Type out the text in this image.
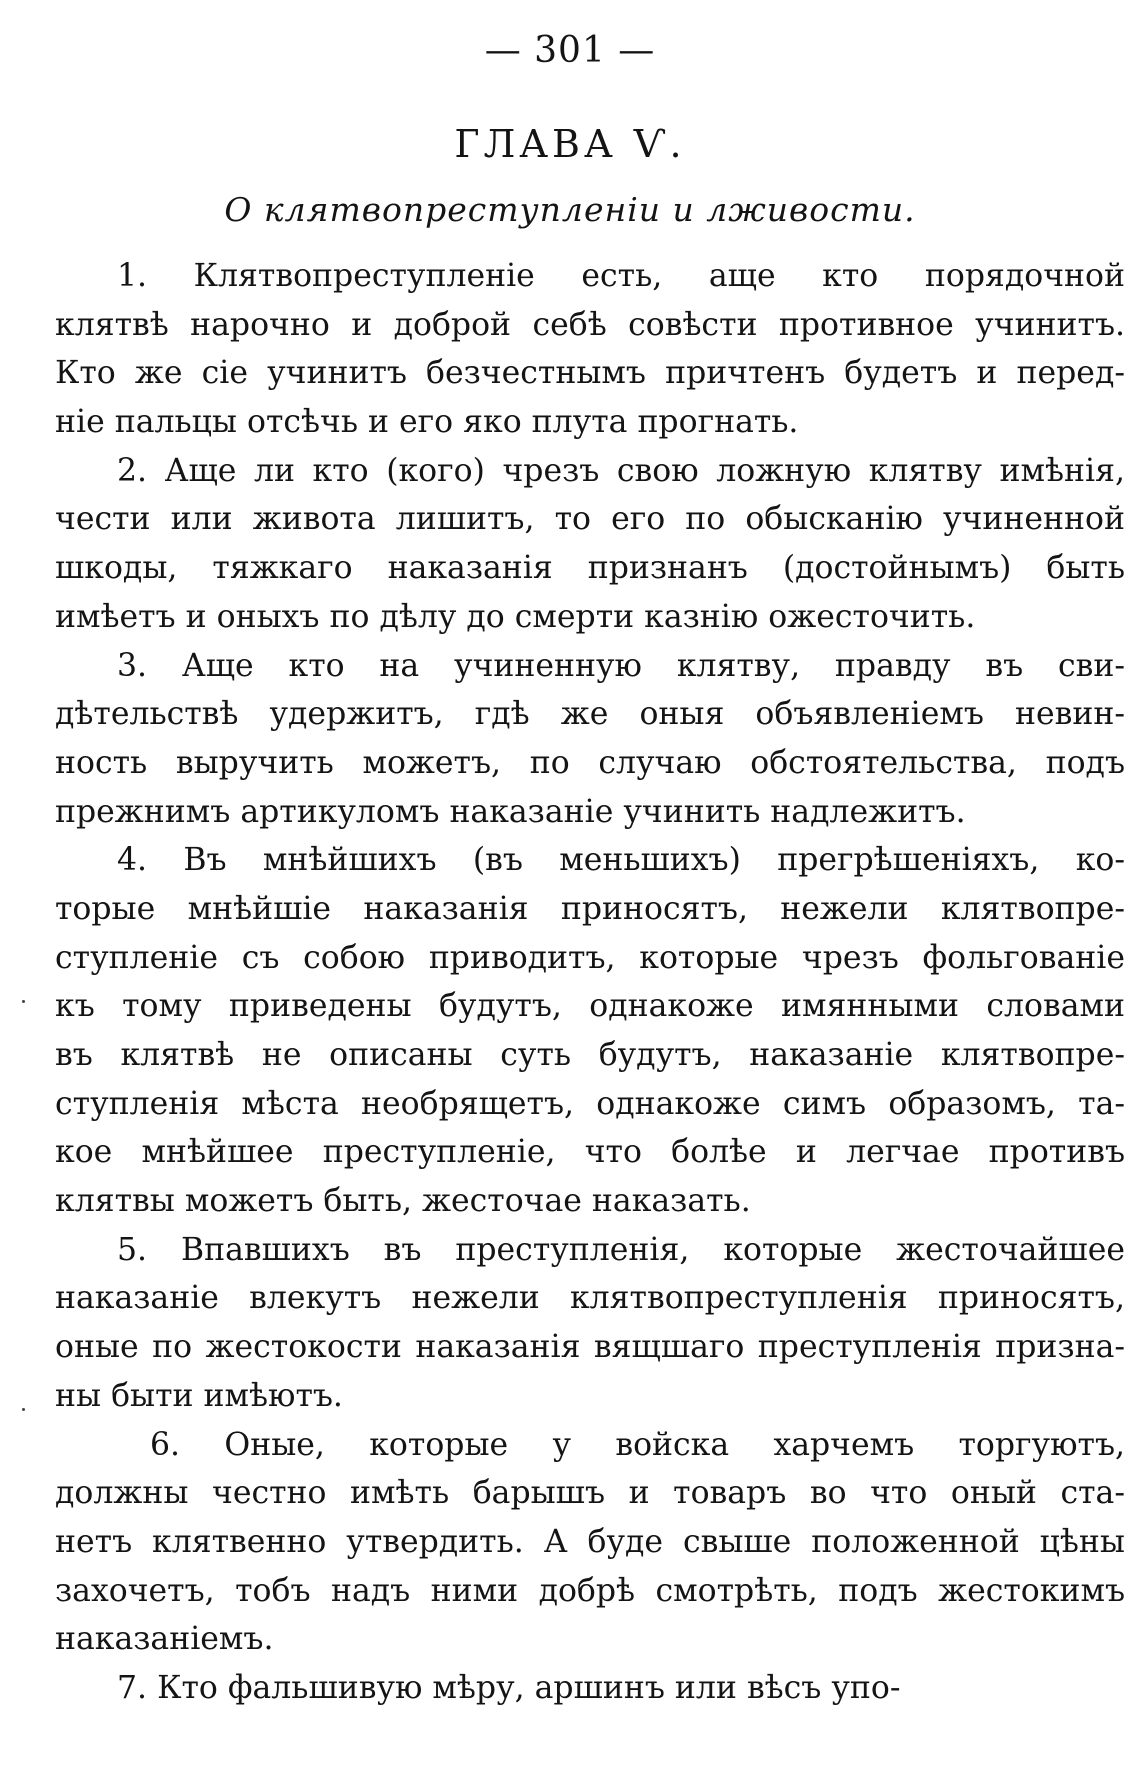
— 301 —
ГЛАВА Ѵ.
О клятвопреступленіи и лживости.
1. Клятвопреступленіе есть, аще кто порядочной
клятвѣ нарочно и доброй себѣ совѣсти противное учинитъ.
Кто же сіе учинитъ безчестнымъ причтенъ будетъ и перед-
ніе пальцы отсѣчь и его яко плута прогнать.
2. Аще ли кто (кого) чрезъ свою ложную клятву имѣнія,
чести или живота лишитъ, то его по обысканію учиненной
шкоды, тяжкаго наказанія признанъ (достойнымъ) быть
имѣетъ и оныхъ по дѣлу до смерти казнію ожесточить.
3. Аще кто на учиненную клятву, правду въ сви-
дѣтельствѣ удержитъ, гдѣ же оныя объявленіемъ невин-
ность выручить можетъ, по случаю обстоятельства, подъ
прежнимъ артикуломъ наказаніе учинить надлежитъ.
4. Въ мнѣйшихъ (въ меньшихъ) прегрѣшеніяхъ, ко-
торые мнѣйшіе наказанія приносятъ, нежели клятвопре-
ступленіе съ собою приводитъ, которые чрезъ фольгованіе
къ тому приведены будутъ, однакоже имянными словами
въ клятвѣ не описаны суть будутъ, наказаніе клятвопре-
ступленія мѣста необрящетъ, однакоже симъ образомъ, та-
кое мнѣйшее преступленіе, что болѣе и легчае противъ
клятвы можетъ быть, жесточае наказать.
5. Впавшихъ въ преступленія, которые жесточайшее
наказаніе влекутъ нежели клятвопреступленія приносятъ,
оные по жестокости наказанія вящшаго преступленія призна-
ны быти имѣютъ.
6. Оные, которые у войска харчемъ торгуютъ,
должны честно имѣть барышъ и товаръ во что оный ста-
нетъ клятвенно утвердить. А буде свыше положенной цѣны
захочетъ, тобъ надъ ними добрѣ смотрѣть, подъ жестокимъ
наказаніемъ.
7. Кто фальшивую мѣру, аршинъ или вѣсъ упо-
